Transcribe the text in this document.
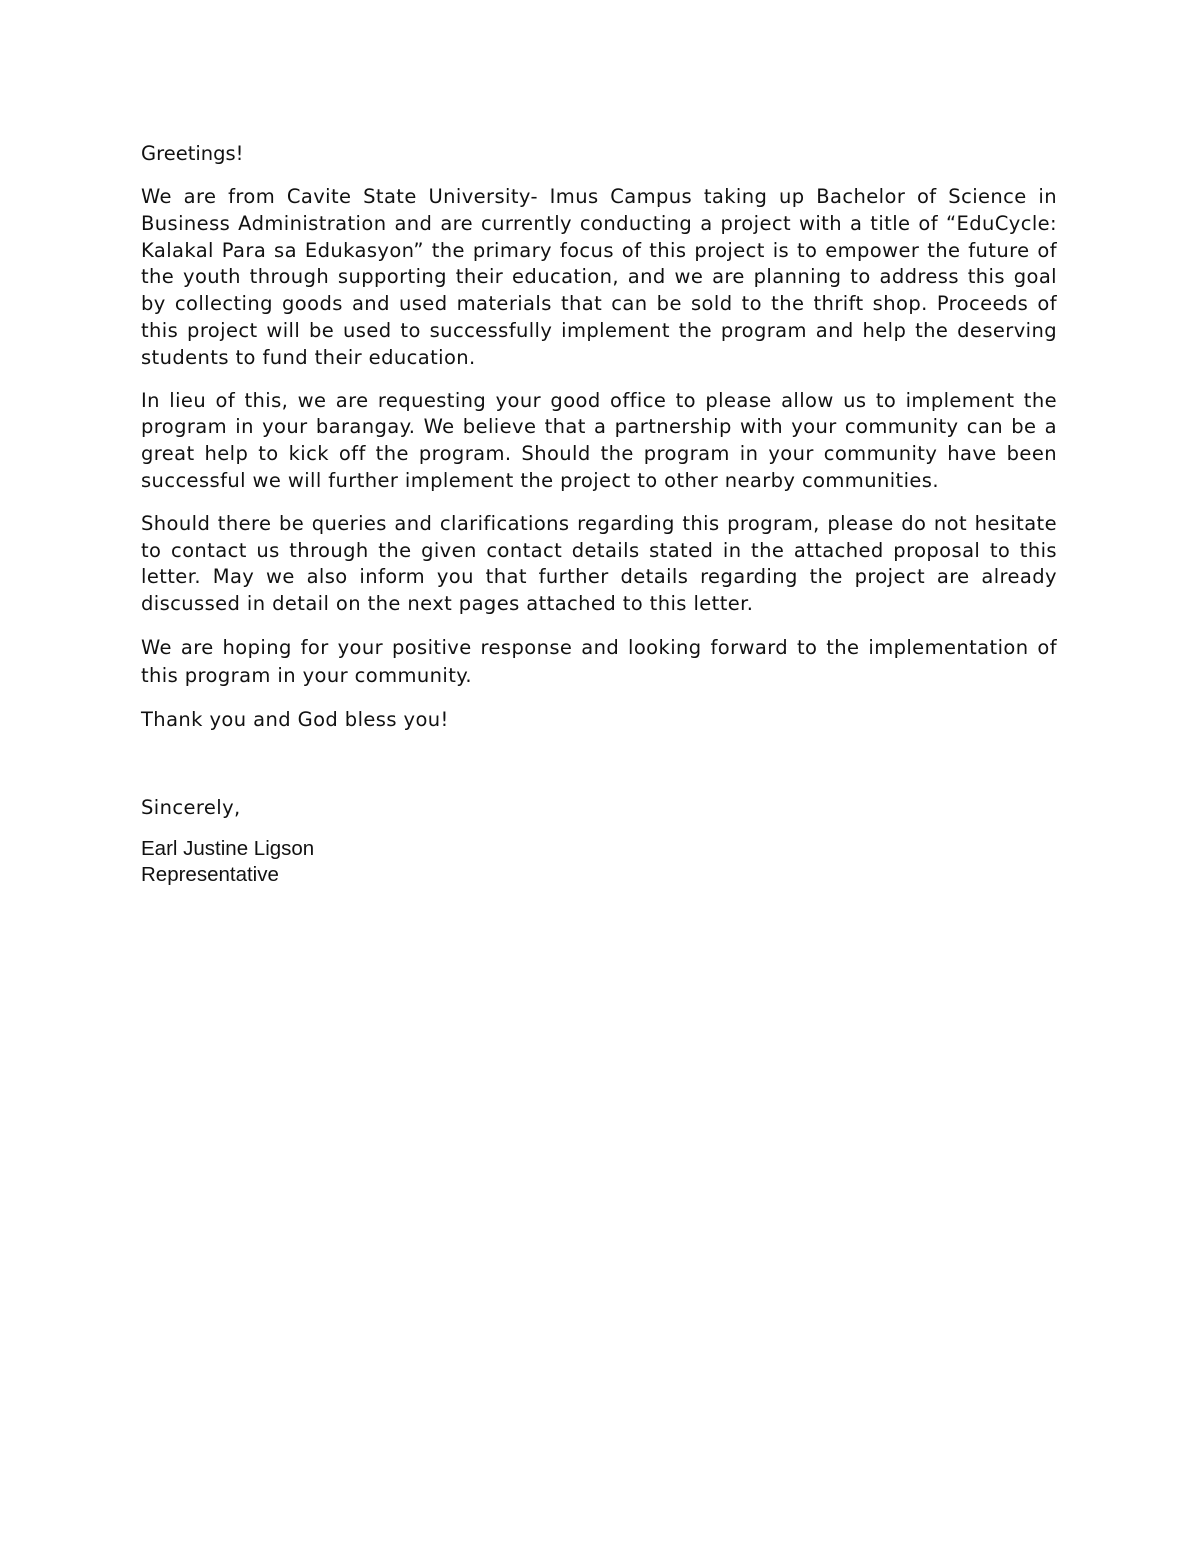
Greetings!

We are from Cavite State University- Imus Campus taking up Bachelor of Science in Business Administration and are currently conducting a project with a title of “EduCycle: Kalakal Para sa Edukasyon” the primary focus of this project is to empower the future of the youth through supporting their education, and we are planning to address this goal by collecting goods and used materials that can be sold to the thrift shop. Proceeds of this project will be used to successfully implement the program and help the deserving students to fund their education.

In lieu of this, we are requesting your good office to please allow us to implement the program in your barangay. We believe that a partnership with your community can be a great help to kick off the program. Should the program in your community have been successful we will further implement the project to other nearby communities.

Should there be queries and clarifications regarding this program, please do not hesitate to contact us through the given contact details stated in the attached proposal to this letter. May we also inform you that further details regarding the project are already discussed in detail on the next pages attached to this letter.

We are hoping for your positive response and looking forward to the implementation of this program in your community.

Thank you and God bless you!

Sincerely,
Earl Justine Ligson
Representative
